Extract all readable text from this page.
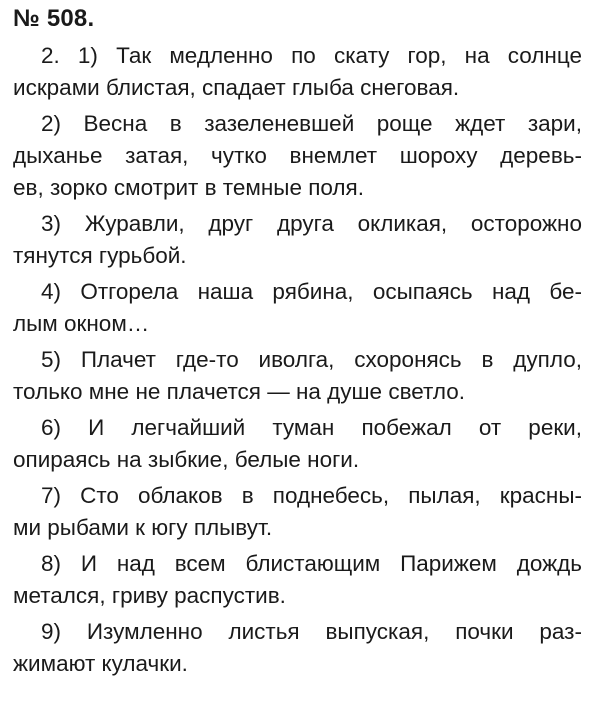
№ 508.
2. 1) Так медленно по скату гор, на солнце
искрами блистая, спадает глыба снеговая.
2) Весна в зазеленевшей роще ждет зари,
дыханье затая, чутко внемлет шороху деревь-
ев, зорко смотрит в темные поля.
3) Журавли, друг друга окликая, осторожно
тянутся гурьбой.
4) Отгорела наша рябина, осыпаясь над бе-
лым окном…
5) Плачет где-то иволга, схоронясь в дупло,
только мне не плачется — на душе светло.
6) И легчайший туман побежал от реки,
опираясь на зыбкие, белые ноги.
7) Сто облаков в поднебесь, пылая, красны-
ми рыбами к югу плывут.
8) И над всем блистающим Парижем дождь
метался, гриву распустив.
9) Изумленно листья выпуская, почки раз-
жимают кулачки.
